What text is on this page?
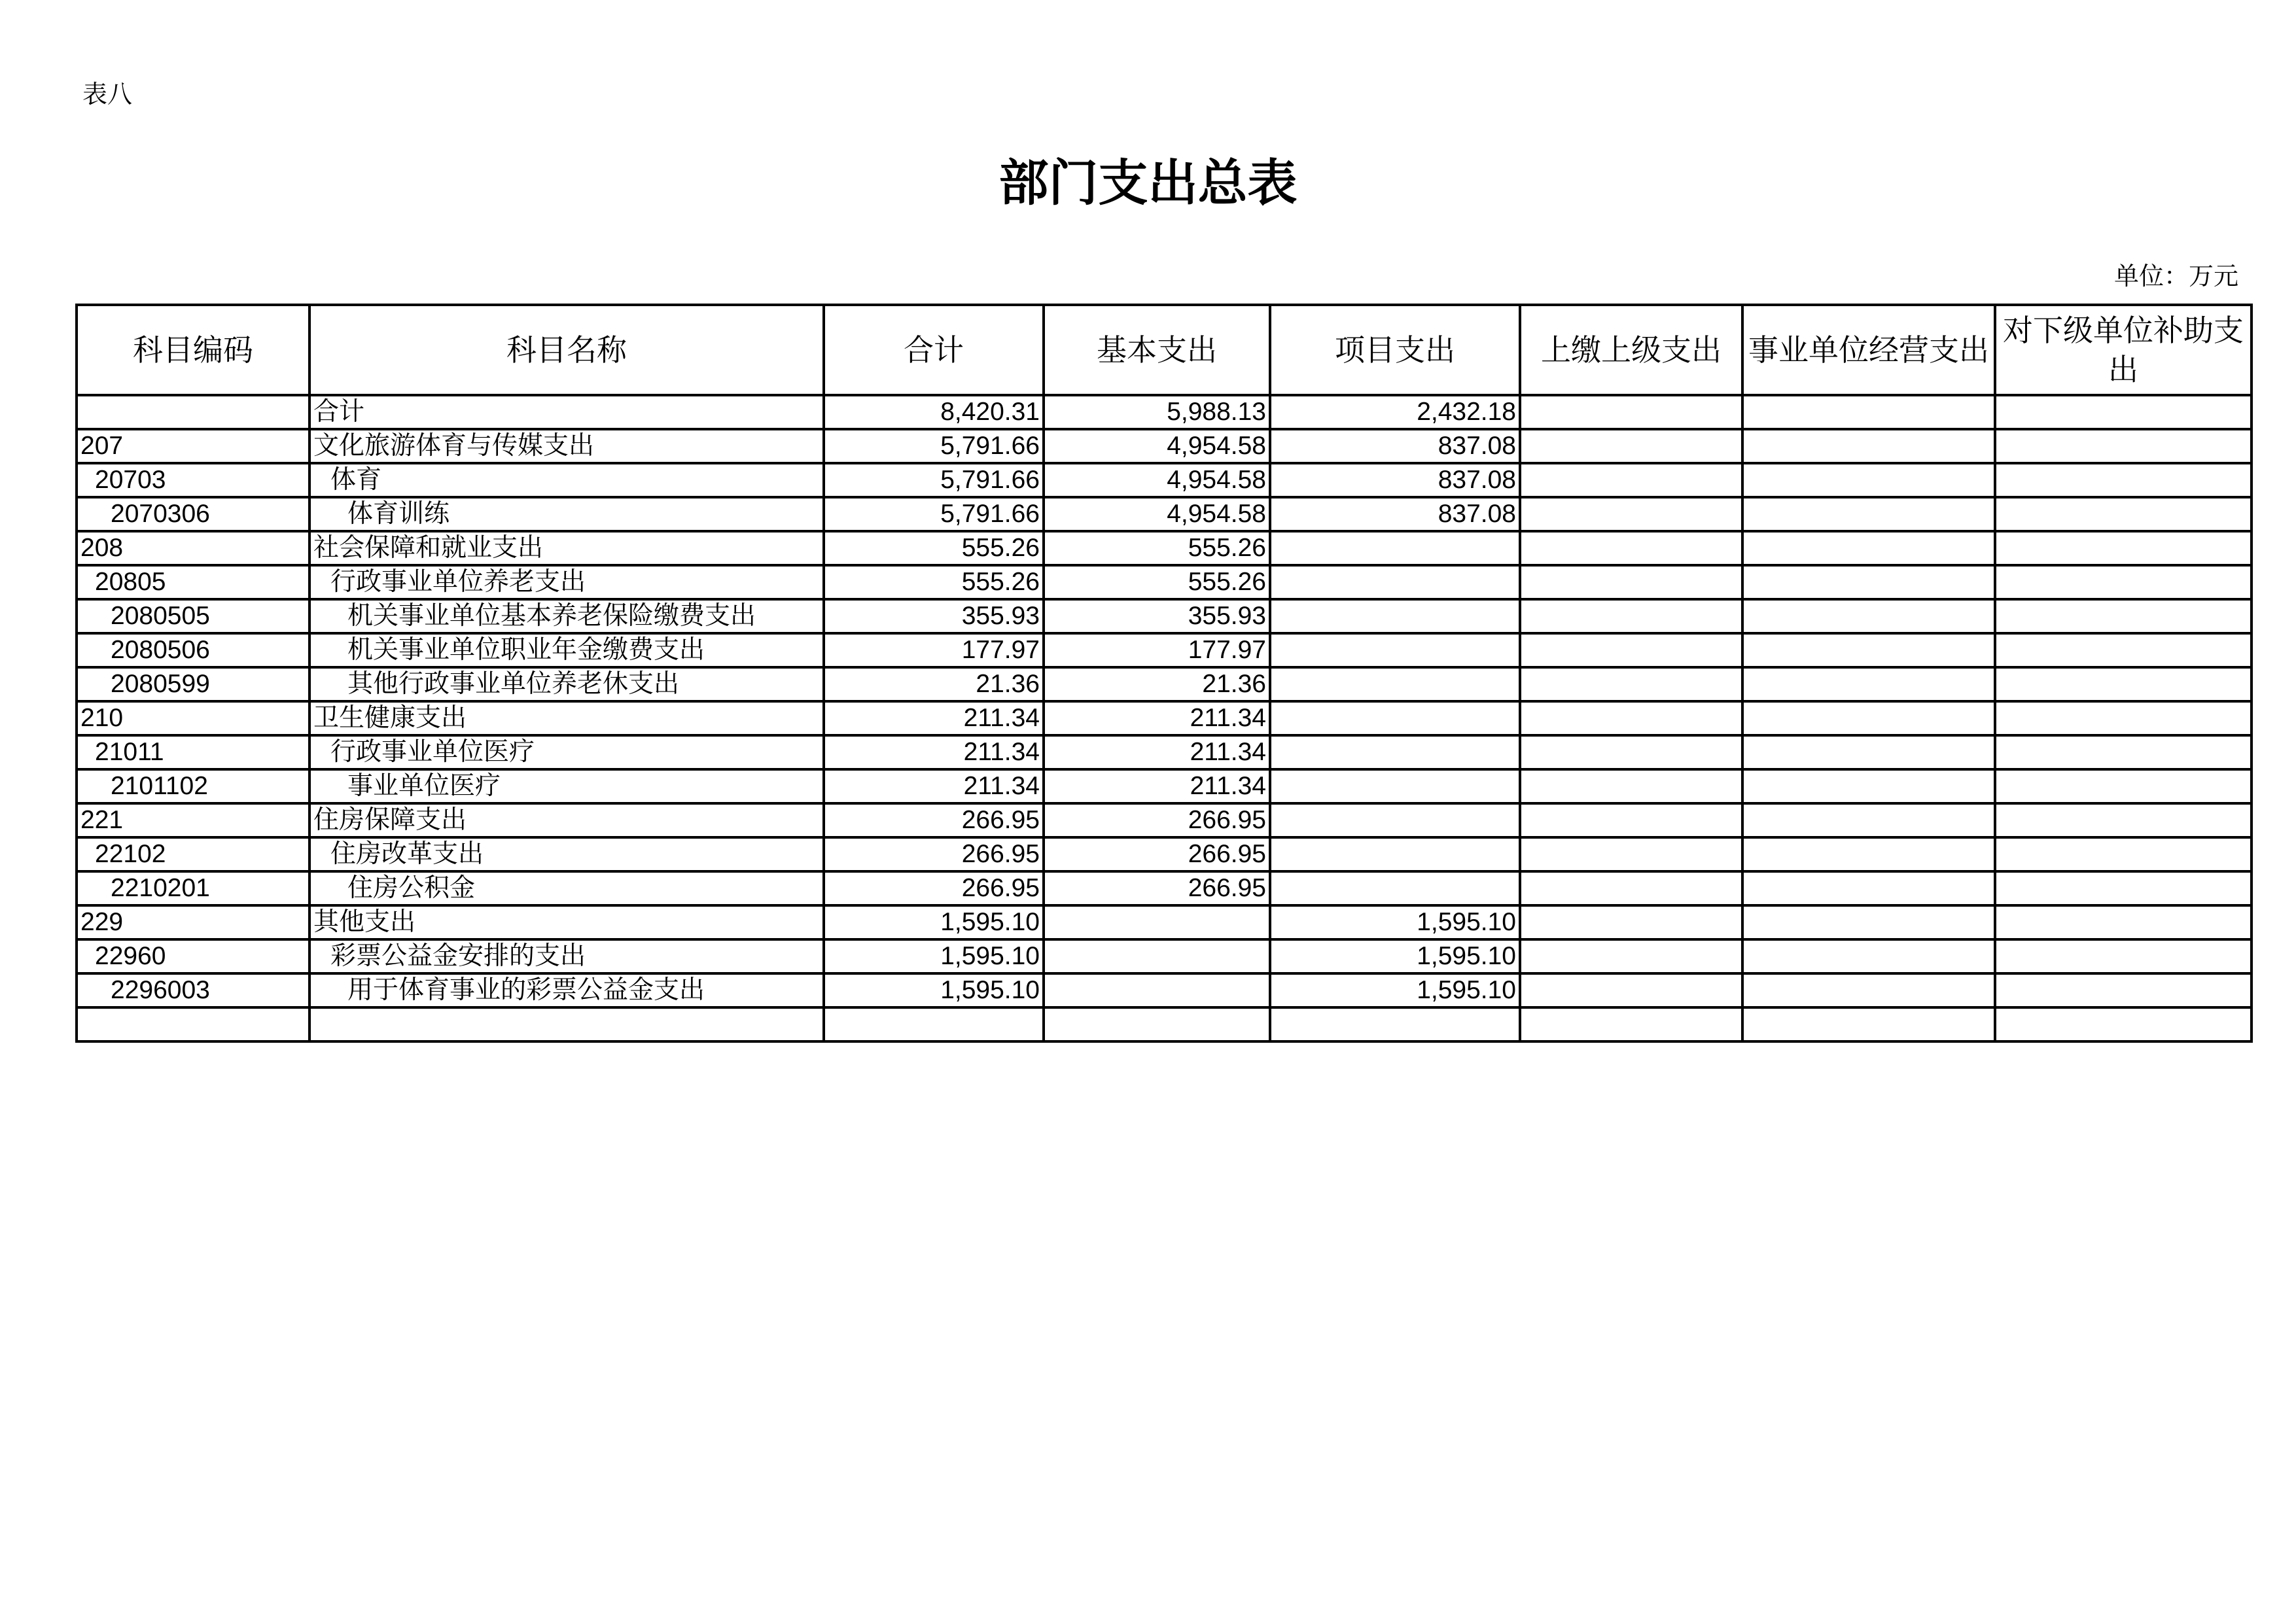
表八
部门支出总表
单位：万元
科目编码	科目名称	合计	基本支出	项目支出	上缴上级支出	事业单位经营支出	对下级单位补助支出
	合计	8,420.31	5,988.13	2,432.18			
207	文化旅游体育与传媒支出	5,791.66	4,954.58	837.08			
20703	体育	5,791.66	4,954.58	837.08			
2070306	体育训练	5,791.66	4,954.58	837.08			
208	社会保障和就业支出	555.26	555.26				
20805	行政事业单位养老支出	555.26	555.26				
2080505	机关事业单位基本养老保险缴费支出	355.93	355.93				
2080506	机关事业单位职业年金缴费支出	177.97	177.97				
2080599	其他行政事业单位养老休支出	21.36	21.36				
210	卫生健康支出	211.34	211.34				
21011	行政事业单位医疗	211.34	211.34				
2101102	事业单位医疗	211.34	211.34				
221	住房保障支出	266.95	266.95				
22102	住房改革支出	266.95	266.95				
2210201	住房公积金	266.95	266.95				
229	其他支出	1,595.10		1,595.10			
22960	彩票公益金安排的支出	1,595.10		1,595.10			
2296003	用于体育事业的彩票公益金支出	1,595.10		1,595.10			
